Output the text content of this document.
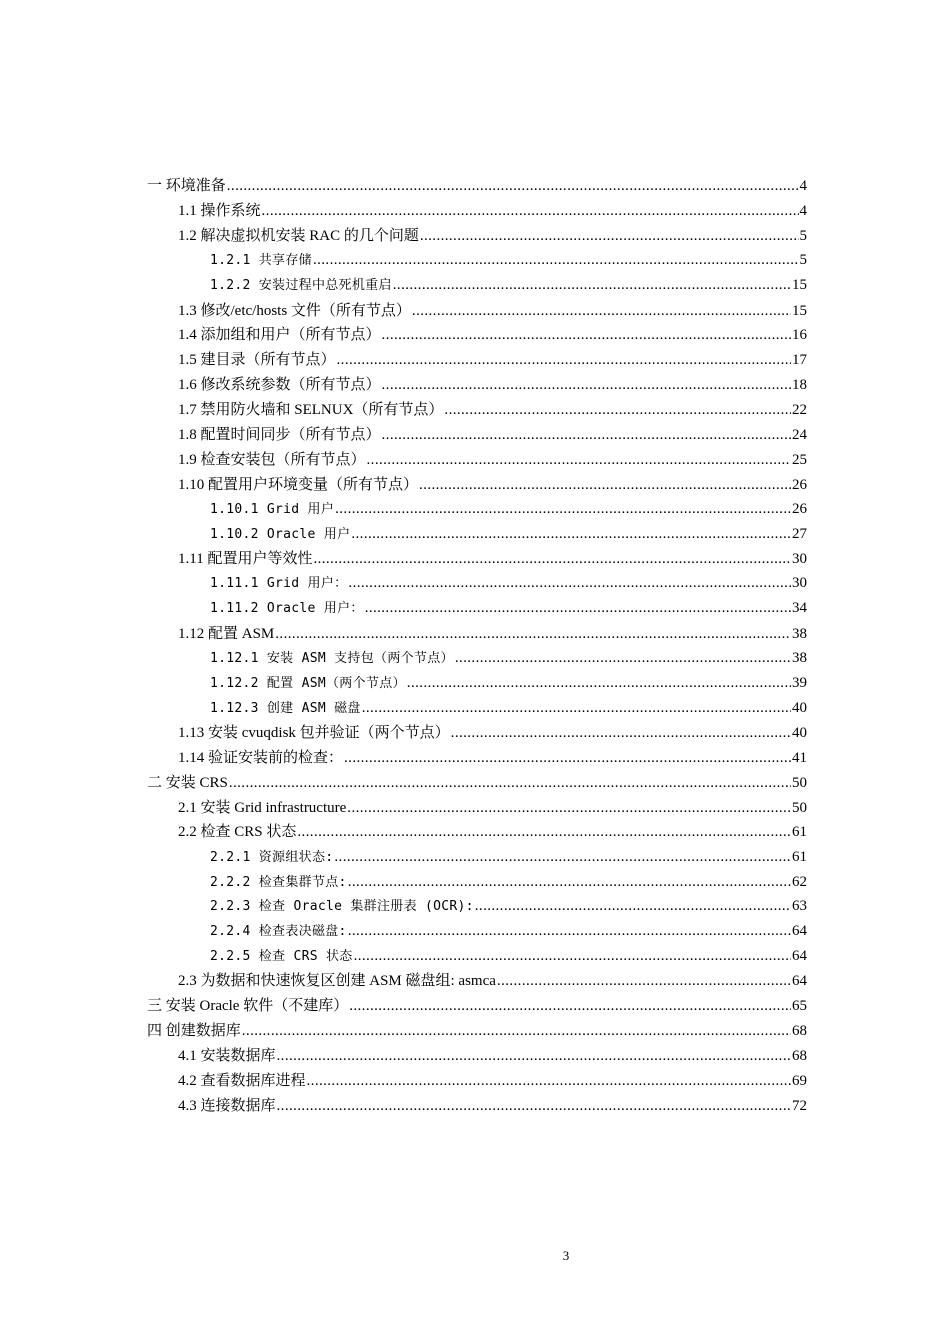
一 环境准备 .....	4
1.1 操作系统 .....	4
1.2 解决虚拟机安装 RAC 的几个问题 .....	5
1.2.1 共享存储 .....	5
1.2.2 安装过程中总死机重启 .....	15
1.3 修改/etc/hosts 文件（所有节点） .....	15
1.4 添加组和用户（所有节点） .....	16
1.5 建目录（所有节点） .....	17
1.6 修改系统参数（所有节点） .....	18
1.7 禁用防火墙和 SELNUX（所有节点） .....	22
1.8 配置时间同步（所有节点） .....	24
1.9 检查安装包（所有节点） .....	25
1.10 配置用户环境变量（所有节点） .....	26
1.10.1 Grid 用户 .....	26
1.10.2 Oracle 用户 .....	27
1.11 配置用户等效性 .....	30
1.11.1 Grid 用户： .....	30
1.11.2 Oracle 用户： .....	34
1.12 配置 ASM .....	38
1.12.1 安装 ASM 支持包（两个节点） .....	38
1.12.2 配置 ASM（两个节点） .....	39
1.12.3 创建 ASM 磁盘 .....	40
1.13 安装 cvuqdisk 包并验证（两个节点） .....	40
1.14 验证安装前的检查： .....	41
二 安装 CRS .....	50
2.1 安装 Grid infrastructure .....	50
2.2 检查 CRS 状态 .....	61
2.2.1 资源组状态: .....	61
2.2.2 检查集群节点: .....	62
2.2.3 检查 Oracle 集群注册表 (OCR): .....	63
2.2.4 检查表决磁盘: .....	64
2.2.5 检查 CRS 状态 .....	64
2.3 为数据和快速恢复区创建 ASM 磁盘组: asmca .....	64
三 安装 Oracle 软件（不建库） .....	65
四 创建数据库 .....	68
4.1 安装数据库 .....	68
4.2 查看数据库进程 .....	69
4.3 连接数据库 .....	72
3
